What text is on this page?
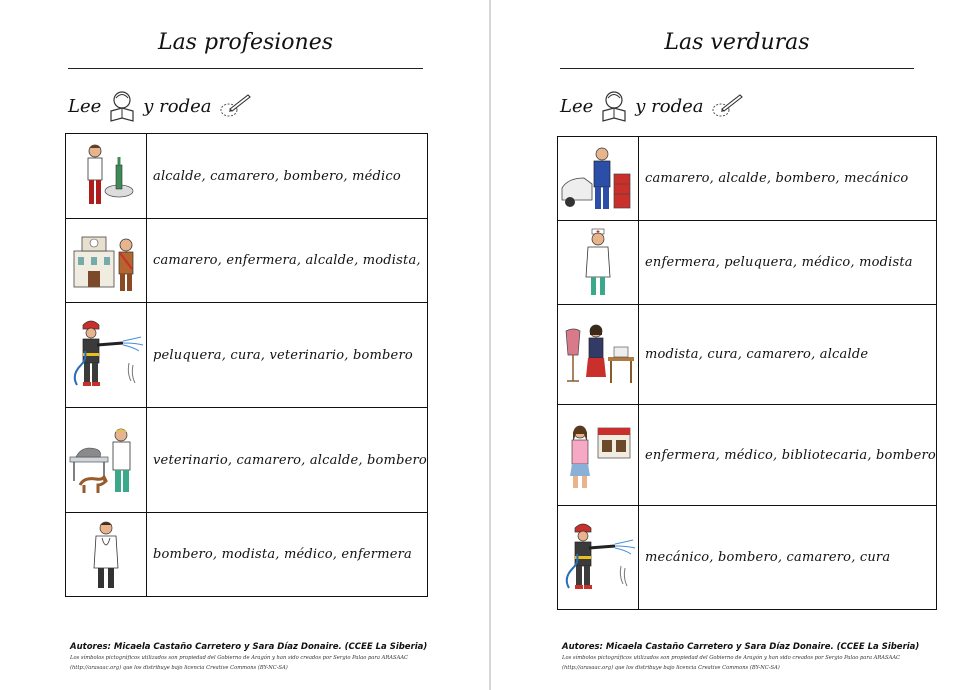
Las profesiones
Lee y rodea
	alcalde, camarero, bombero, médico

	camarero, enfermera, alcalde, modista,

	peluquera, cura, veterinario, bombero

	veterinario, camarero, alcalde, bombero

	bombero, modista, médico, enfermera
Autores: Micaela Castaño Carretero y Sara Díaz Donaire. (CCEE La Siberia)
Los símbolos pictográficos utilizados son propiedad del Gobierno de Aragón y han sido creados por Sergio Palao para ARASAAC
(http://arasaac.org) que los distribuye bajo licencia Creative Commons (BY-NC-SA)
Las verduras
Lee y rodea
	camarero, alcalde, bombero, mecánico

	enfermera, peluquera, médico, modista

	modista, cura, camarero, alcalde

	enfermera, médico, bibliotecaria, bombero

	mecánico, bombero, camarero, cura
Autores: Micaela Castaño Carretero y Sara Díaz Donaire. (CCEE La Siberia)
Los símbolos pictográficos utilizados son propiedad del Gobierno de Aragón y han sido creados por Sergio Palao para ARASAAC
(http://arasaac.org) que los distribuye bajo licencia Creative Commons (BY-NC-SA)
